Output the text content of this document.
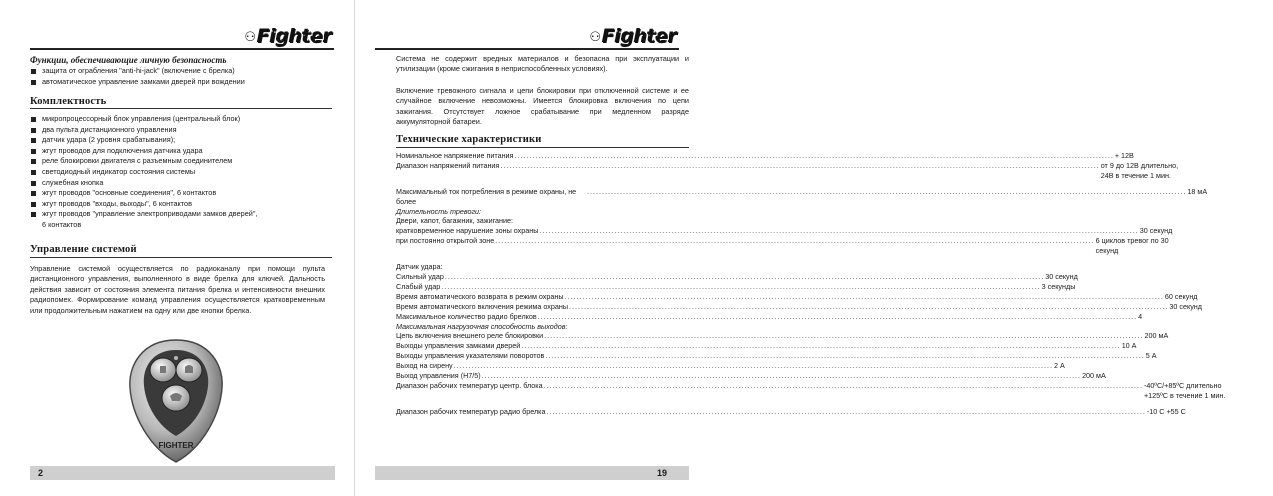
⚇ Fighter
Функции, обеспечивающие личную безопасность
защита от ограбления "anti-hi-jack" (включение с брелка)
автоматическое управление замками дверей при вождении
Комплектность
микропроцессорный блок управления (центральный блок)
два пульта дистанционного управления
датчик удара (2 уровня срабатывания);
жгут проводов для подключения датчика удара
реле блокировки двигателя с разъемным соединителем
светодиодный индикатор состояния системы
служебная кнопка
жгут проводов "основные соединения", 6 контактов
жгут проводов "входы, выходы", 6 контактов
жгут проводов "управление электроприводами замков дверей",
6 контактов
Управление системой
Управление системой осуществляется по радиоканалу при помощи пульта дистанционного управления, выполненного в виде брелка для ключей. Дальность действия зависит от состояния элемента питания брелка и интенсивности внешних радиопомех. Формирование команд управления осуществляется кратковременным или продолжительным нажатием на одну или две кнопки брелка.
FIGHTER
2
⚇ Fighter
Система не содержит вредных материалов и безопасна при эксплуатации и утилизации (кроме сжигания в неприспособленных условиях).
Включение тревожного сигнала и цепи блокировки при отключенной системе и ее случайное включение невозможны. Имеется блокировка включения по цепи зажигания. Отсутствует ложное срабатывание при медленном разряде аккумуляторной батареи.
Технические характеристики
Номинальное напряжение питания ........................................................................................................................................................................................................ + 12В
Диапазон напряжений питания ........................................................................................................................................................................................................ от 9 до 12В длительно, 24В в течение 1 мин.
Максимальный ток потребления в режиме охраны, не более
........................................................................................................................................................................................................ 18 мА
Длительность тревоги:
Двери, капот, багажник, зажигание:
кратковременное нарушение зоны охраны ........................................................................................................................................................................................................ 30 секунд
при постоянно открытой зоне ........................................................................................................................................................................................................ 6 циклов тревог по 30 секунд
Датчик удара:
Сильный удар ........................................................................................................................................................................................................ 30 секунд
Слабый удар ........................................................................................................................................................................................................ 3 секунды
Время автоматического возврата в режим охраны ........................................................................................................................................................................................................ 60 секунд
Время автоматического включения режима охраны ........................................................................................................................................................................................................ 30 секунд
Максимальное количество радио брелков ........................................................................................................................................................................................................ 4
Максимальная нагрузочная способность выходов:
Цепь включения внешнего реле блокировки ........................................................................................................................................................................................................ 200 мА
Выходы управления замками дверей ........................................................................................................................................................................................................ 10 А
Выходы управления указателями поворотов ........................................................................................................................................................................................................ 5 А
Выход на сирену ........................................................................................................................................................................................................ 2 А
Выход управления (Н7/5) ........................................................................................................................................................................................................ 200 мА
Диапазон рабочих температур центр. блока ........................................................................................................................................................................................................ -40ºС/+85ºС длительно +125ºС в течение 1 мин.
Диапазон рабочих температур радио брелка ........................................................................................................................................................................................................ -10 С +55 С
19
